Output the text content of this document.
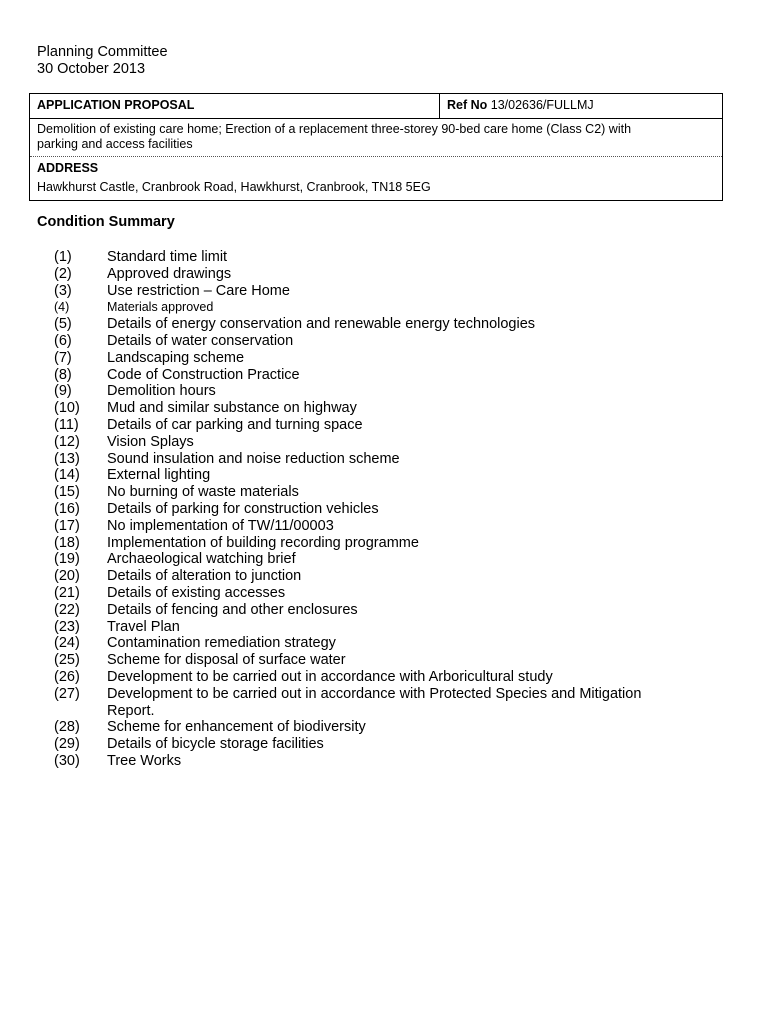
Planning Committee
30 October 2013
APPLICATION PROPOSAL	Ref No 13/02636/FULLMJ
Demolition of existing care home; Erection of a replacement three-storey 90-bed care home (Class C2) with
parking and access facilities
ADDRESS
Hawkhurst Castle, Cranbrook Road, Hawkhurst, Cranbrook, TN18 5EG
Condition Summary
(1)	Standard time limit
(2)	Approved drawings
(3)	Use restriction – Care Home
(4)	Materials approved
(5)	Details of energy conservation and renewable energy technologies
(6)	Details of water conservation
(7)	Landscaping scheme
(8)	Code of Construction Practice
(9)	Demolition hours
(10)	Mud and similar substance on highway
(11)	Details of car parking and turning space
(12)	Vision Splays
(13)	Sound insulation and noise reduction scheme
(14)	External lighting
(15)	No burning of waste materials
(16)	Details of parking for construction vehicles
(17)	No implementation of TW/11/00003
(18)	Implementation of building recording programme
(19)	Archaeological watching brief
(20)	Details of alteration to junction
(21)	Details of existing accesses
(22)	Details of fencing and other enclosures
(23)	Travel Plan
(24)	Contamination remediation strategy
(25)	Scheme for disposal of surface water
(26)	Development to be carried out in accordance with Arboricultural study
(27)	Development to be carried out in accordance with Protected Species and Mitigation
Report.
(28)	Scheme for enhancement of biodiversity
(29)	Details of bicycle storage facilities
(30)	Tree Works
